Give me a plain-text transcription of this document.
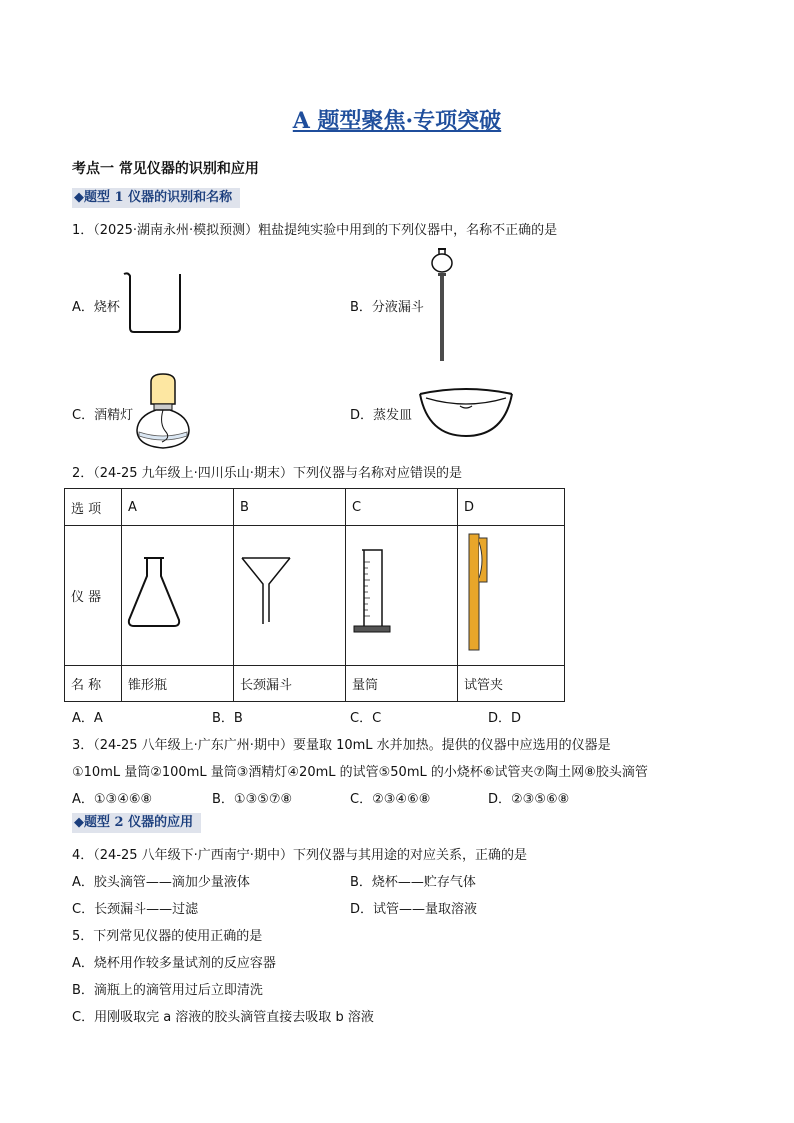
A 题型聚焦·专项突破
考点一 常见仪器的识别和应用
◆题型 1 仪器的识别和名称
1．（2025·湖南永州·模拟预测）粗盐提纯实验中用到的下列仪器中，名称不正确的是
A．烧杯	B．分液漏斗
C．酒精灯	D．蒸发皿
2．（24-25 九年级上·四川乐山·期末）下列仪器与名称对应错误的是
选 项	A	B	C	D
仪 器				
名 称	锥形瓶	长颈漏斗	量筒	试管夹
A．A	B．B	C．C	D．D
3．（24-25 八年级上·广东广州·期中）要量取 10mL 水并加热。提供的仪器中应选用的仪器是
①10mL 量筒②100mL 量筒③酒精灯④20mL 的试管⑤50mL 的小烧杯⑥试管夹⑦陶土网⑧胶头滴管
A．①③④⑥⑧	B．①③⑤⑦⑧	C．②③④⑥⑧	D．②③⑤⑥⑧
◆题型 2 仪器的应用
4．（24-25 八年级下·广西南宁·期中）下列仪器与其用途的对应关系，正确的是
A．胶头滴管——滴加少量液体	B．烧杯——贮存气体
C．长颈漏斗——过滤	D．试管——量取溶液
5．下列常见仪器的使用正确的是
A．烧杯用作较多量试剂的反应容器
B．滴瓶上的滴管用过后立即清洗
C．用刚吸取完 a 溶液的胶头滴管直接去吸取 b 溶液
